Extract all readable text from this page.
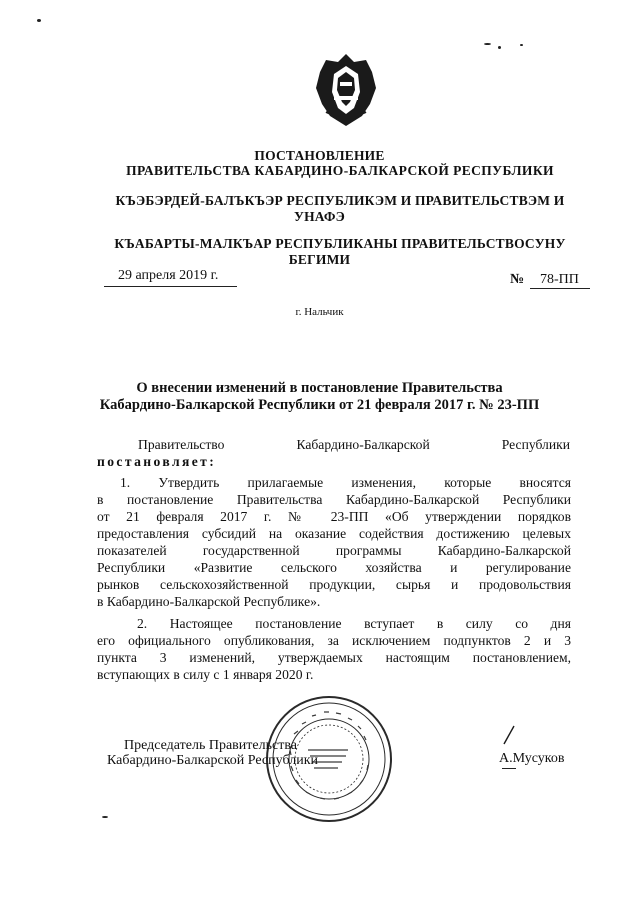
ПОСТАНОВЛЕНИЕ
ПРАВИТЕЛЬСТВА КАБАРДИНО-БАЛКАРСКОЙ РЕСПУБЛИКИ
КЪЭБЭРДЕЙ-БАЛЪКЪЭР РЕСПУБЛИКЭМ И ПРАВИТЕЛЬСТВЭМ И
УНАФЭ
КЪАБАРТЫ-МАЛКЪАР РЕСПУБЛИКАНЫ ПРАВИТЕЛЬСТВОСУНУ
БЕГИМИ
29 апреля 2019 г.	№ 78-ПП
г. Нальчик
О внесении изменений в постановление Правительства
Кабардино-Балкарской Республики от 21 февраля 2017 г. № 23-ПП
Правительство Кабардино-Балкарской Республики
постановляет:
1. Утвердить прилагаемые изменения, которые вносятся
в постановление Правительства Кабардино-Балкарской Республики
от 21 февраля 2017 г. № 23-ПП «Об утверждении порядков
предоставления субсидий на оказание содействия достижению целевых
показателей государственной программы Кабардино-Балкарской
Республики «Развитие сельского хозяйства и регулирование
рынков сельскохозяйственной продукции, сырья и продовольствия
в Кабардино-Балкарской Республике».
2. Настоящее постановление вступает в силу со дня
его официального опубликования, за исключением подпунктов 2 и 3
пункта 3 изменений, утверждаемых настоящим постановлением,
вступающих в силу с 1 января 2020 г.
Председатель Правительства
Кабардино-Балкарской Республики	А.Мусуков
